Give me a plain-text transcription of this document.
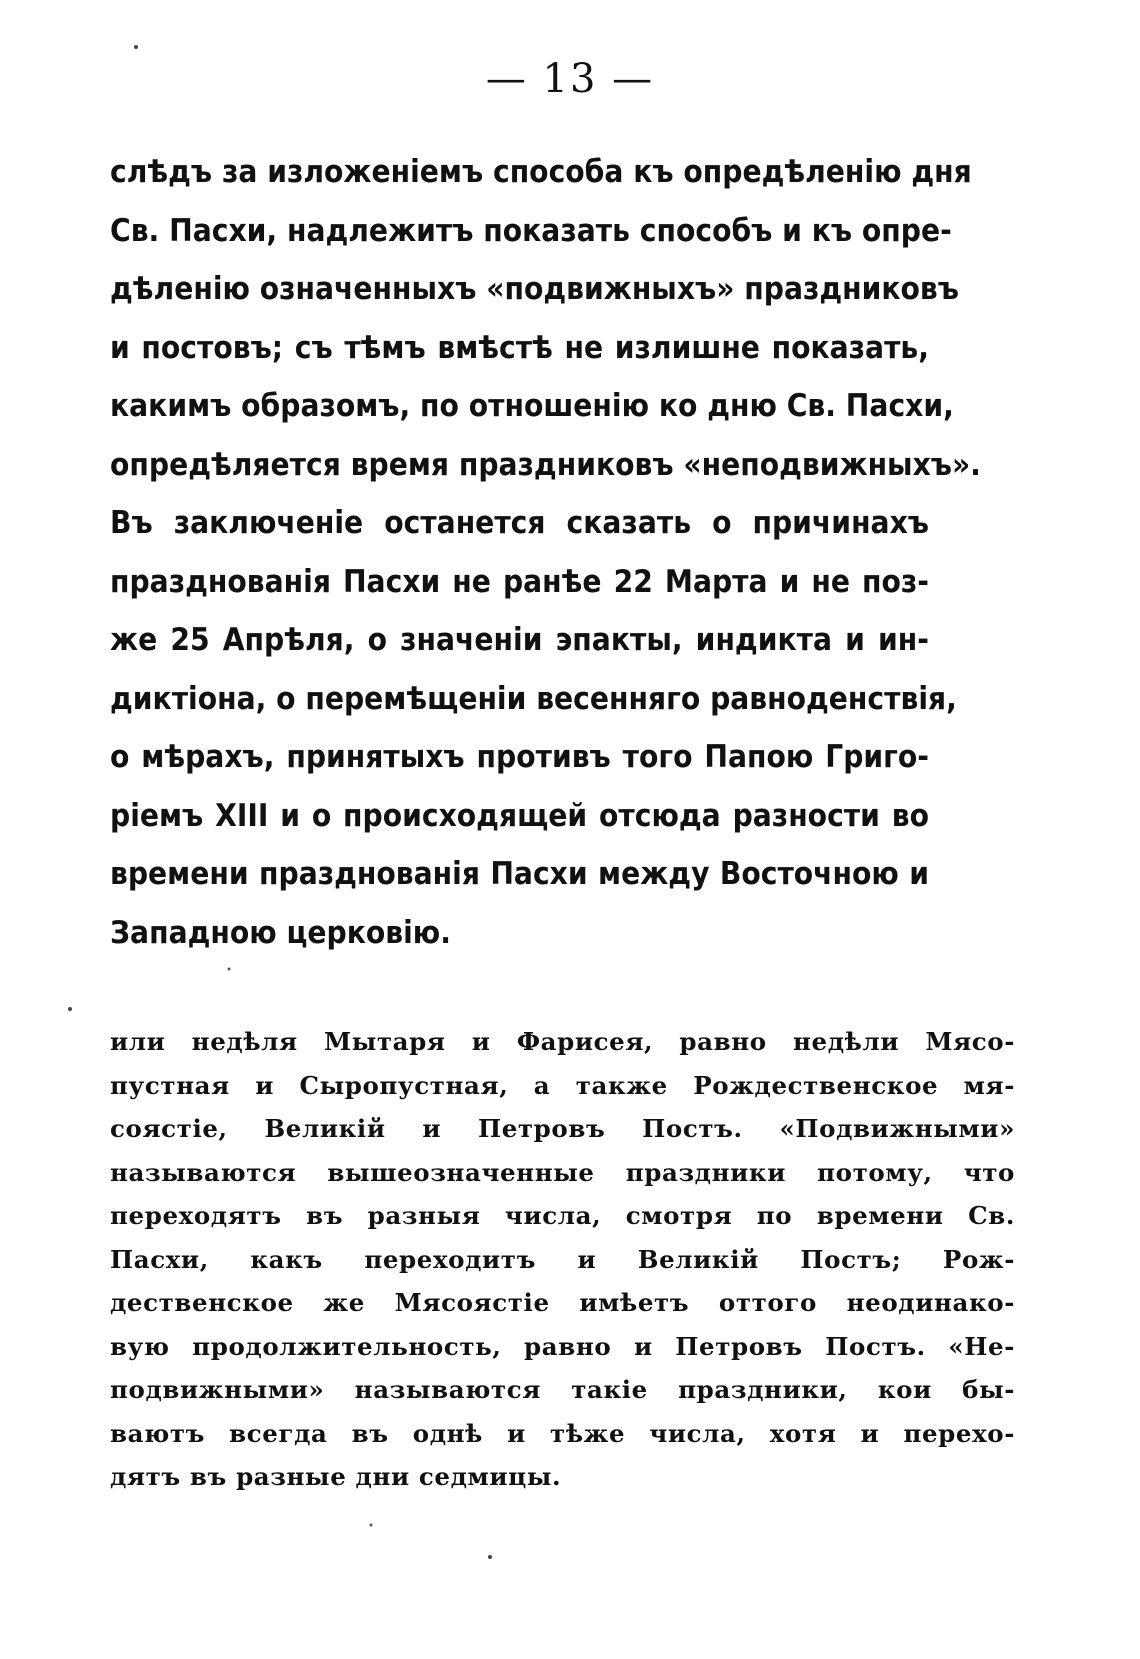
— 13 —
слѣдъ за изложеніемъ способа къ опредѣленію дня
Св. Пасхи, надлежитъ показать способъ и къ опре-
дѣленію означенныхъ «подвижныхъ» праздниковъ
и постовъ; съ тѣмъ вмѣстѣ не излишне показать,
какимъ образомъ, по отношенію ко дню Св. Пасхи,
опредѣляется время праздниковъ «неподвижныхъ».
Въ заключеніе останется сказать о причинахъ
празднованія Пасхи не ранѣе 22 Марта и не поз-
же 25 Апрѣля, о значеніи эпакты, индикта и ин-
диктіона, о перемѣщеніи весенняго равноденствія,
о мѣрахъ, принятыхъ противъ того Папою Григо-
ріемъ XIII и о происходящей отсюда разности во
времени празднованія Пасхи между Восточною и
Западною церковію.
или недѣля Мытаря и Фарисея, равно недѣли Мясо-
пустная и Сыропустная, а также Рождественское мя-
соястіе, Великій и Петровъ Постъ. «Подвижными»
называются вышеозначенные праздники потому, что
переходятъ въ разныя числа, смотря по времени Св.
Пасхи, какъ переходитъ и Великій Постъ; Рож-
дественское же Мясоястіе имѣетъ оттого неодинако-
вую продолжительность, равно и Петровъ Постъ. «Не-
подвижными» называются такіе праздники, кои бы-
ваютъ всегда въ однѣ и тѣже числа, хотя и перехо-
дятъ въ разные дни седмицы.
